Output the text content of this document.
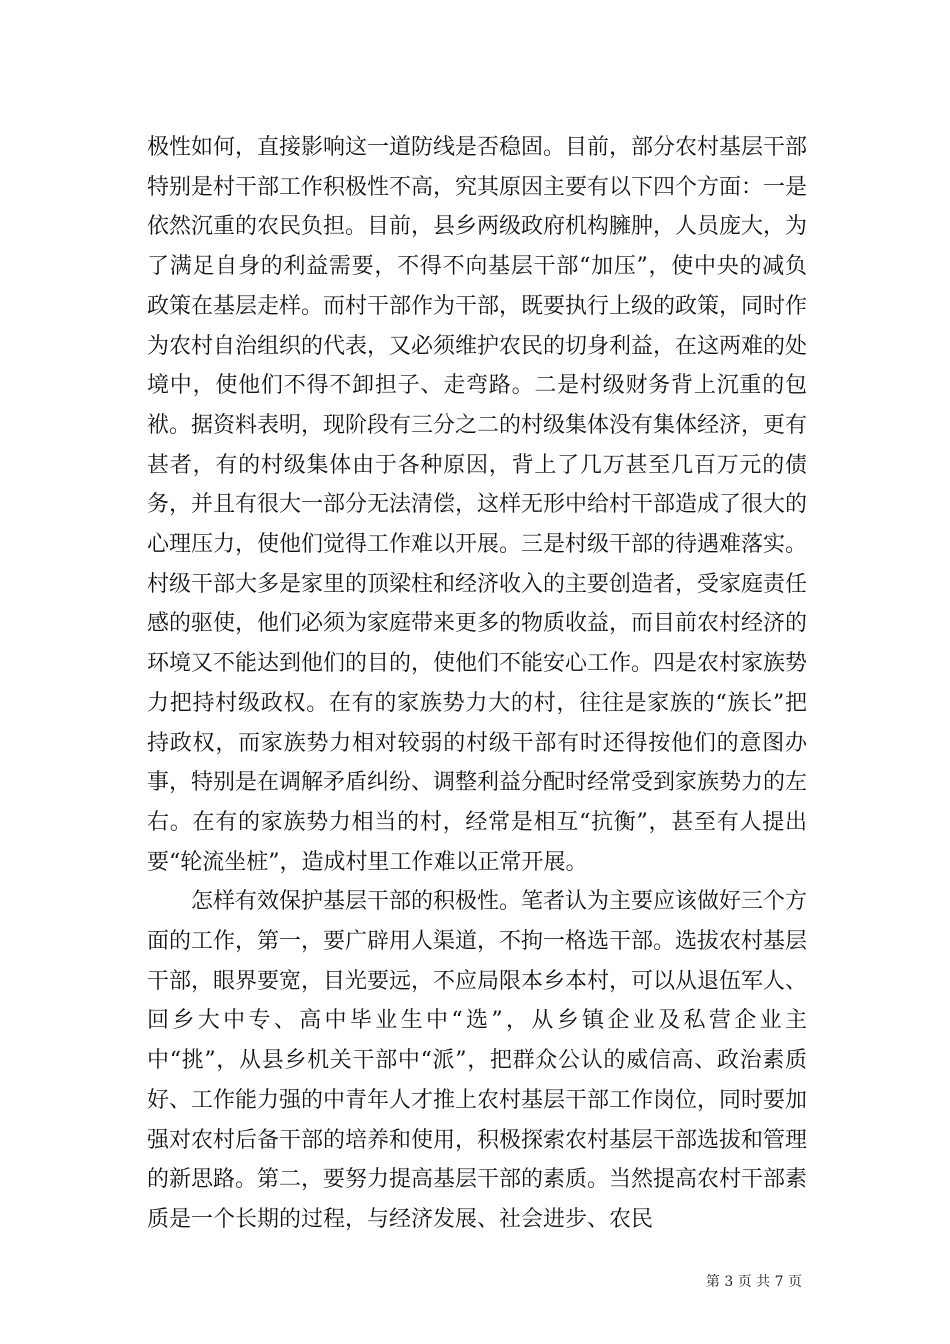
极性如何，直接影响这一道防线是否稳固。目前，部分农村基层干部特别是村干部工作积极性不高，究其原因主要有以下四个方面：一是依然沉重的农民负担。目前，县乡两级政府机构臃肿，人员庞大，为了满足自身的利益需要，不得不向基层干部“加压”，使中央的减负政策在基层走样。而村干部作为干部，既要执行上级的政策，同时作为农村自治组织的代表，又必须维护农民的切身利益，在这两难的处境中，使他们不得不卸担子、走弯路。二是村级财务背上沉重的包袱。据资料表明，现阶段有三分之二的村级集体没有集体经济，更有甚者，有的村级集体由于各种原因，背上了几万甚至几百万元的债务，并且有很大一部分无法清偿，这样无形中给村干部造成了很大的心理压力，使他们觉得工作难以开展。三是村级干部的待遇难落实。村级干部大多是家里的顶梁柱和经济收入的主要创造者，受家庭责任感的驱使，他们必须为家庭带来更多的物质收益，而目前农村经济的环境又不能达到他们的目的，使他们不能安心工作。四是农村家族势力把持村级政权。在有的家族势力大的村，往往是家族的“族长”把持政权，而家族势力相对较弱的村级干部有时还得按他们的意图办事，特别是在调解矛盾纠纷、调整利益分配时经常受到家族势力的左右。在有的家族势力相当的村，经常是相互“抗衡”，甚至有人提出要“轮流坐桩”，造成村里工作难以正常开展。

怎样有效保护基层干部的积极性。笔者认为主要应该做好三个方面的工作，第一，要广辟用人渠道，不拘一格选干部。选拔农村基层干部，眼界要宽，目光要远，不应局限本乡本村，可以从退伍军人、回乡大中专、高中毕业生中“选”，从乡镇企业及私营企业主中“挑”，从县乡机关干部中“派”，把群众公认的威信高、政治素质好、工作能力强的中青年人才推上农村基层干部工作岗位，同时要加强对农村后备干部的培养和使用，积极探索农村基层干部选拔和管理的新思路。第二，要努力提高基层干部的素质。当然提高农村干部素质是一个长期的过程，与经济发展、社会进步、农民

第 3 页 共 7 页
